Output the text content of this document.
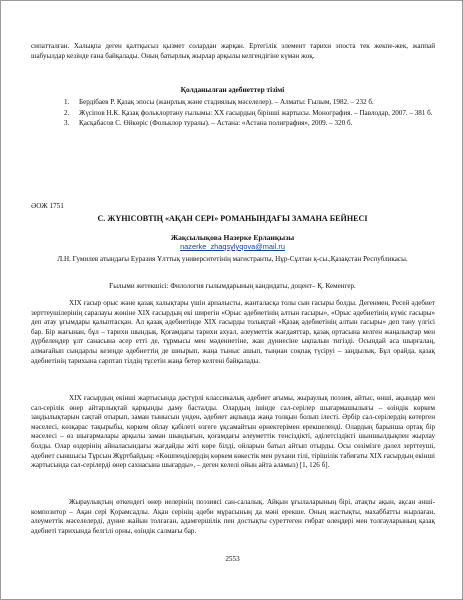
сипатталған. Халықпа деген қалтқысыз қызмет солардан жарқан. Ертегілік элемент тарихи эпоста тек жекпе-жек, жаппай шабуылдар кезінде ғана байқалады. Оның батырлық жырлар арқылы келгендігіне күмән жоқ.

Қолданылған әдебиеттер тізімі
1. Бердібаев Р. Қазақ эпосы (жанрлық және стадиялық мәселелер). – Алматы: Ғылым, 1982. – 232 б.
2. Жүсіпов Н.К. Қазақ фольклортану ғылымы: ХХ ғасырдың бірінші жартысы. Монография. – Павлодар, 2007. – 381 б.
3. Қасқабасов С. Өйкөріс (Фольклор туралы). – Астана: «Астана полиграфия», 2009. – 320 б.
ӘОЖ 1751
С. ЖҮНІСОВТІҢ «АҚАН СЕРІ» РОМАНЫНДАҒЫ ЗАМАНА БЕЙНЕСІ
Жақсылықова Назерке Ерланқызы
nazerke_zhaqsylyqova@mail.ru
Л.Н. Гумилев атындағы Еуразия Ұлттық университетінің магистранты, Нұр-Сұлтан қ-сы.,Қазақстан Республикасы.
Ғылыми жетекшісі: Филология ғылымдарының кандидаты, доцент– Қ. Кеменгер.

XIX ғасыр орыс және қазақ халықтары үшін арпалысты, жанталасқа толы сын ғасыры болды. Дегенмен, Ресей әдебиет зерттеушілерінің саралауы жөніне XIX ғасырдың екі ширегін «Орыс әдебиетінің алтын ғасыры», «Орыс әдебиетінің күміс ғасыры» деп атау ұғымдары қалыптасқан. Ал қазақ әдебиетінде XIX ғасырды толықтай «Қазақ әдебиетінің алтын ғасыры» деп тану үлгісі бар. Бір жағынан, бұл – тарихи шындық. Қоғамдағы тарихи ахуал, әлеуметтік жағдаяттар, қазақ ортасына келген жаңалықтар мен дүрбелеңдер ұлт санасына әсер етті де, тұрмысы мен мәдениетіне, жан дүниесіне ықпалын тигізді. Осындай аса шырғалаң, алмағайып сындарлы кезеңде әдебиеттің де шиырып, жаңа тыныс ашып, тыңнан соқпақ түсіруі – заңдылық. Бұл орайда, қазақ әдебиетінің тарихына сарптап тілдің тұсетін жаңа бетер келгені байқалады.

XIX ғасырдың екінші жартысында дәстүрлі классикалық әдебиет ағымы, жыраулық поэзия, айтыс, өнші, ақындар мен сал-серілік өнер айтарлықтай қарқынды даму басталды. Олардың ішінде сал-серілер шығармашылығы – өзіндік көркем заңдылықтарын сақтай отырып, заман тынысын үнден, әдебиет ақпында жаңа толқын болып ілесті. Әрбір сал-серілердің көтерген мәселесі, көзқарас тақырыбы, көркем ойлау қабілеті өзгеге ұқсамайтын өрнектерімен ерекшеленді. Олардың барынша ортақ бір мәселесі – өз шығармалары арқылы заман шындығын, қоғамдағы әлеуметтік тенсіздікті, әділетсіздікті шыншылдықпен жырлау болды. Олар өздерінің айналасындағы жағдайды жіті көре білді, ойларын батыл айтып отырды. Осы сөзімізге дәлел зерттеуші, әдебиет сыншысы Тұрсын Жұртбайдың: «Көшпенділердің көркем көкестік мен рухани тілі, тірішілік табиғаты XIX ғасырдың екінші жартысында сал-серілерді өнер сахнасына шығарды», – деген келелі ойын айта аламыз) [1, 126 б].

Жыраулықтың өткендегі өнер иелерінің поэзиясі сан-салалық. Айқын ұғылаларының бірі, атақты ақын, ақсан әнші-композитор – Ақан сері Қорамсадлы. Ақан серінің әдеби мұрасының да мәні ерекше. Оның жастықты, махаббатты жырлаған, әлеуметтік мәселелерді, дүние жайын толғаған, адамгершілік пен достықты суреттеген ғибрат өлеңдері мен толғауларының қазақ әдебиеті тарихында белгілі орны, өзіндік салмағы бар.

2553
